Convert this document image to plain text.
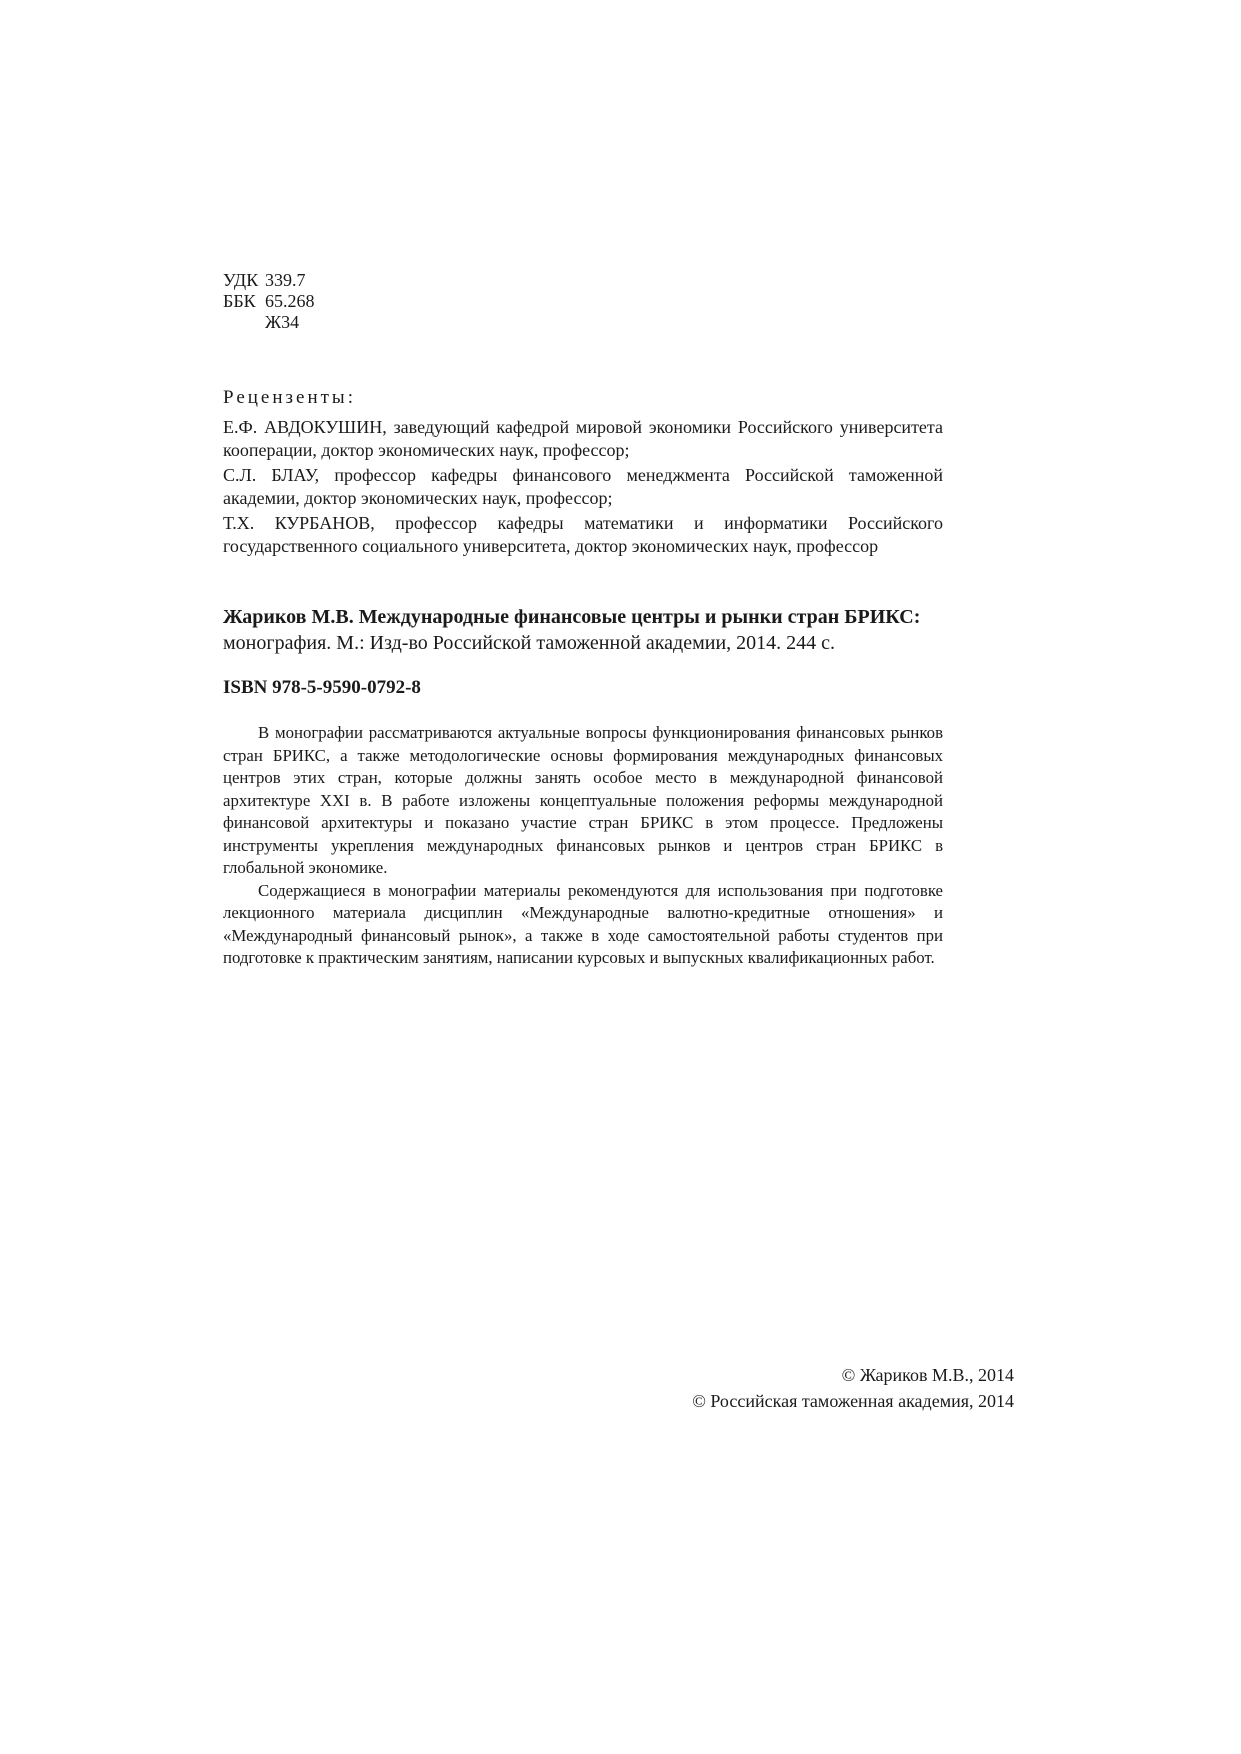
УДК 339.7
ББК 65.268
Ж34
Рецензенты:

Е.Ф. АВДОКУШИН, заведующий кафедрой мировой экономики Российского университета кооперации, доктор экономических наук, профессор;

С.Л. БЛАУ, профессор кафедры финансового менеджмента Российской таможенной академии, доктор экономических наук, профессор;

Т.Х. КУРБАНОВ, профессор кафедры математики и информатики Российского государственного социального университета, доктор экономических наук, профессор

Жариков М.В. Международные финансовые центры и рынки стран БРИКС:
монография. М.: Изд-во Российской таможенной академии, 2014. 244 с.
ISBN 978-5-9590-0792-8

В монографии рассматриваются актуальные вопросы функционирования финансовых рынков стран БРИКС, а также методологические основы формирования международных финансовых центров этих стран, которые должны занять особое место в международной финансовой архитектуре XXI в. В работе изложены концептуальные положения реформы международной финансовой архитектуры и показано участие стран БРИКС в этом процессе. Предложены инструменты укрепления международных финансовых рынков и центров стран БРИКС в глобальной экономике.

Содержащиеся в монографии материалы рекомендуются для использования при подготовке лекционного материала дисциплин «Международные валютно-кредитные отношения» и «Международный финансовый рынок», а также в ходе самостоятельной работы студентов при подготовке к практическим занятиям, написании курсовых и выпускных квалификационных работ.

© Жариков М.В., 2014
© Российская таможенная академия, 2014
